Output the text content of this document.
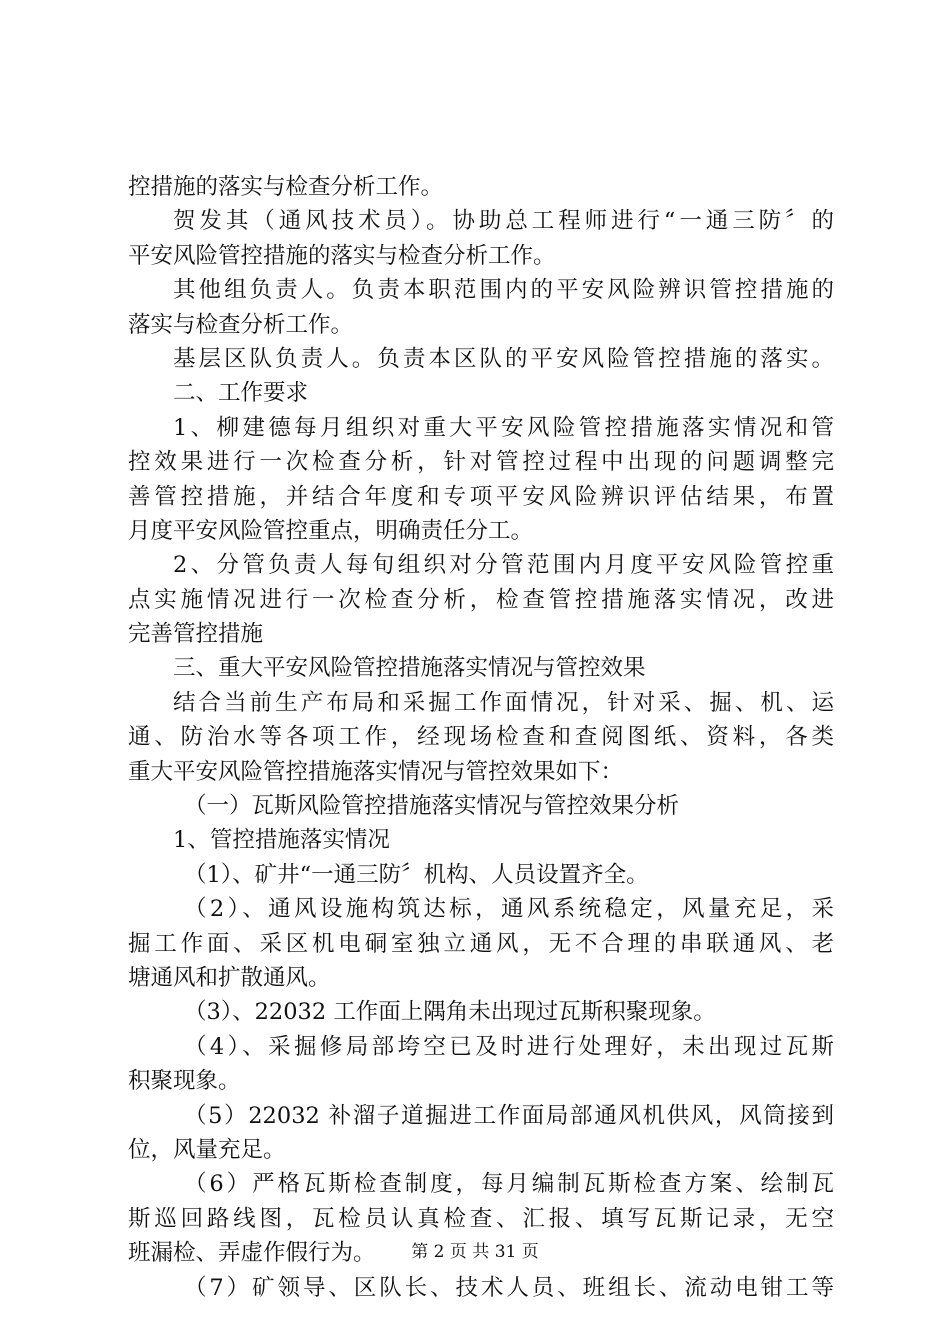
控措施的落实与检查分析工作。
贺发其（通风技术员）。协助总工程师进行“一通三防〞的
平安风险管控措施的落实与检查分析工作。
其他组负责人。负责本职范围内的平安风险辨识管控措施的
落实与检查分析工作。
基层区队负责人。负责本区队的平安风险管控措施的落实。
二、工作要求
1、柳建德每月组织对重大平安风险管控措施落实情况和管
控效果进行一次检查分析，针对管控过程中出现的问题调整完
善管控措施，并结合年度和专项平安风险辨识评估结果，布置
月度平安风险管控重点，明确责任分工。
2、分管负责人每旬组织对分管范围内月度平安风险管控重
点实施情况进行一次检查分析，检查管控措施落实情况，改进
完善管控措施
三、重大平安风险管控措施落实情况与管控效果
结合当前生产布局和采掘工作面情况，针对采、掘、机、运
通、防治水等各项工作，经现场检查和查阅图纸、资料，各类
重大平安风险管控措施落实情况与管控效果如下：
（一）瓦斯风险管控措施落实情况与管控效果分析
1、管控措施落实情况
（1）、矿井“一通三防〞机构、人员设置齐全。
（2）、通风设施构筑达标，通风系统稳定，风量充足，采
掘工作面、采区机电硐室独立通风，无不合理的串联通风、老
塘通风和扩散通风。
（3）、22032 工作面上隅角未出现过瓦斯积聚现象。
（4）、采掘修局部垮空已及时进行处理好，未出现过瓦斯
积聚现象。
（5）22032 补溜子道掘进工作面局部通风机供风，风筒接到
位，风量充足。
（6）严格瓦斯检查制度，每月编制瓦斯检查方案、绘制瓦
斯巡回路线图，瓦检员认真检查、汇报、填写瓦斯记录，无空
班漏检、弄虚作假行为。
（7）矿领导、区队长、技术人员、班组长、流动电钳工等
第 2 页 共 31 页
